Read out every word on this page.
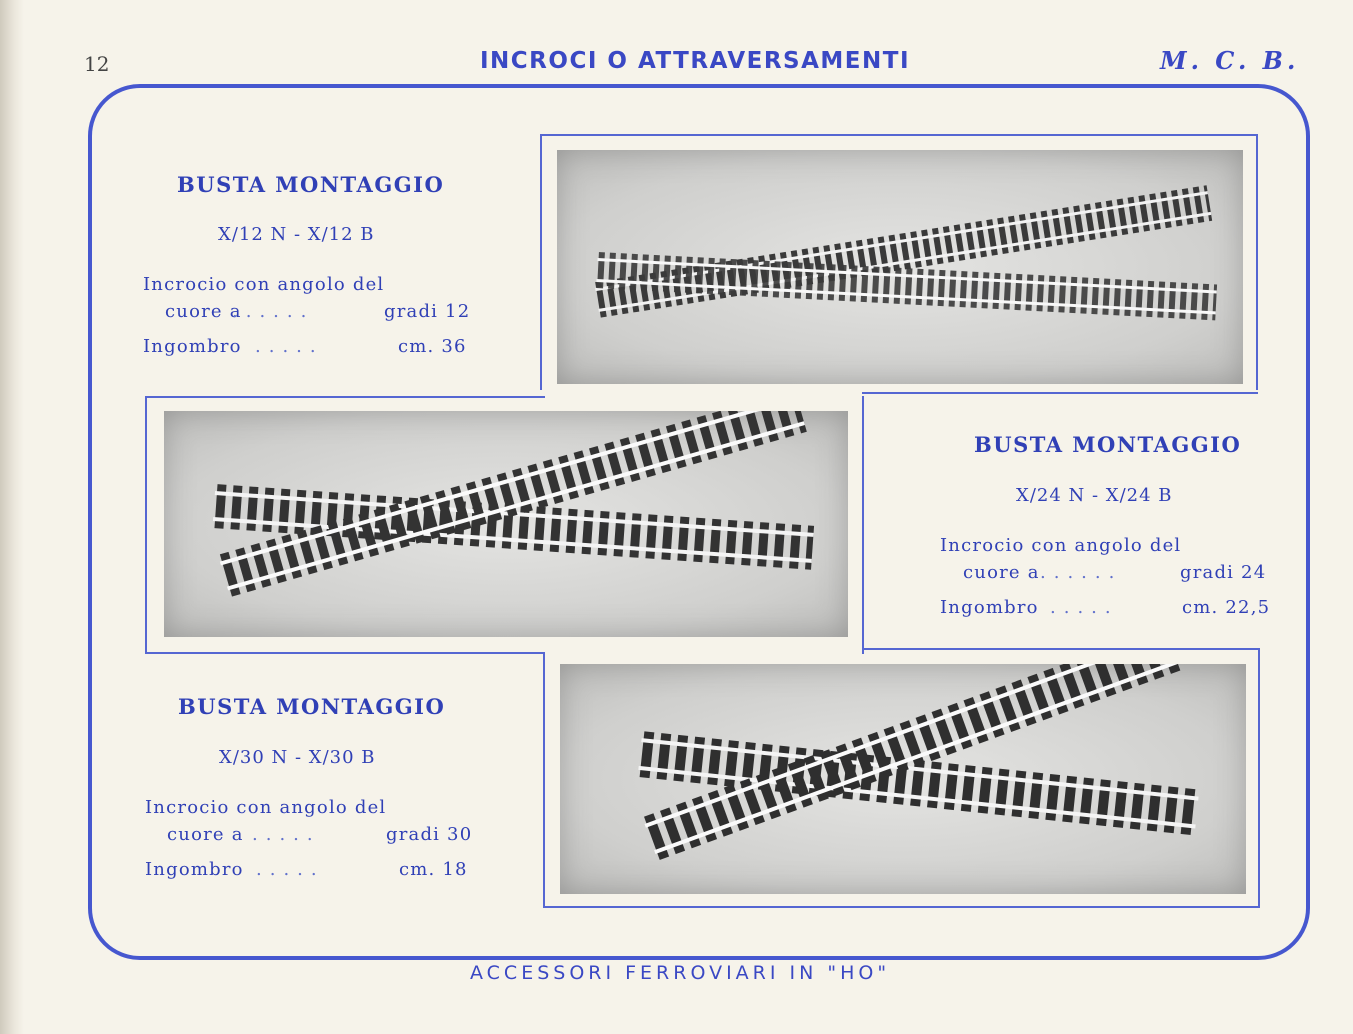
12	INCROCI O ATTRAVERSAMENTI	M. C. B.
BUSTA MONTAGGIO
X/12 N - X/12 B
Incrocio con angolo del
cuore a
......	gradi 12
Ingombro .....	cm. 36
BUSTA MONTAGGIO
X/24 N - X/24 B
Incrocio con angolo del
cuore a ......	gradi 24
Ingombro .....	cm. 22,5
BUSTA MONTAGGIO
X/30 N - X/30 B
Incrocio con angolo del
cuore a .....	gradi 30
Ingombro .....	cm. 18
ACCESSORI FERROVIARI IN "HO"
